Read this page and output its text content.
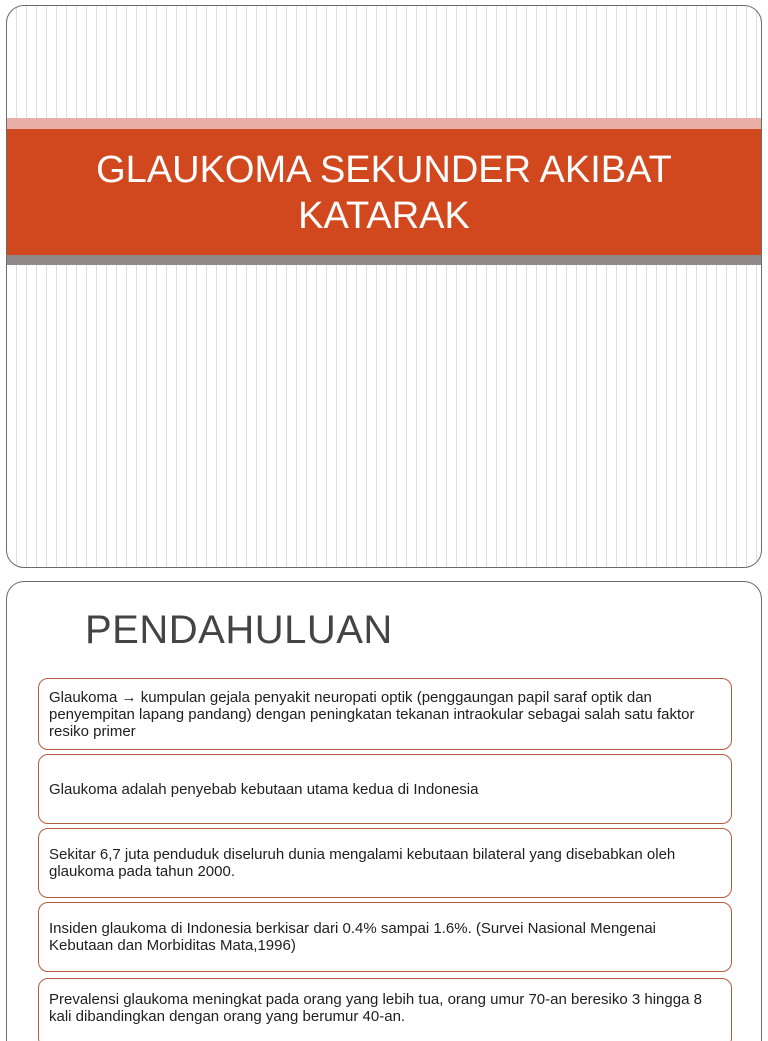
GLAUKOMA SEKUNDER AKIBAT
KATARAK
PENDAHULUAN
Glaukoma → kumpulan gejala penyakit neuropati optik (penggaungan papil saraf optik dan penyempitan lapang pandang) dengan peningkatan tekanan intraokular sebagai salah satu faktor resiko primer
Glaukoma adalah penyebab kebutaan utama kedua di Indonesia
Sekitar 6,7 juta penduduk diseluruh dunia mengalami kebutaan bilateral yang disebabkan oleh glaukoma pada tahun 2000.
Insiden glaukoma di Indonesia berkisar dari 0.4% sampai 1.6%. (Survei Nasional Mengenai Kebutaan dan Morbiditas Mata,1996)
Prevalensi glaukoma meningkat pada orang yang lebih tua, orang umur 70-an beresiko 3 hingga 8 kali dibandingkan dengan orang yang berumur 40-an.
